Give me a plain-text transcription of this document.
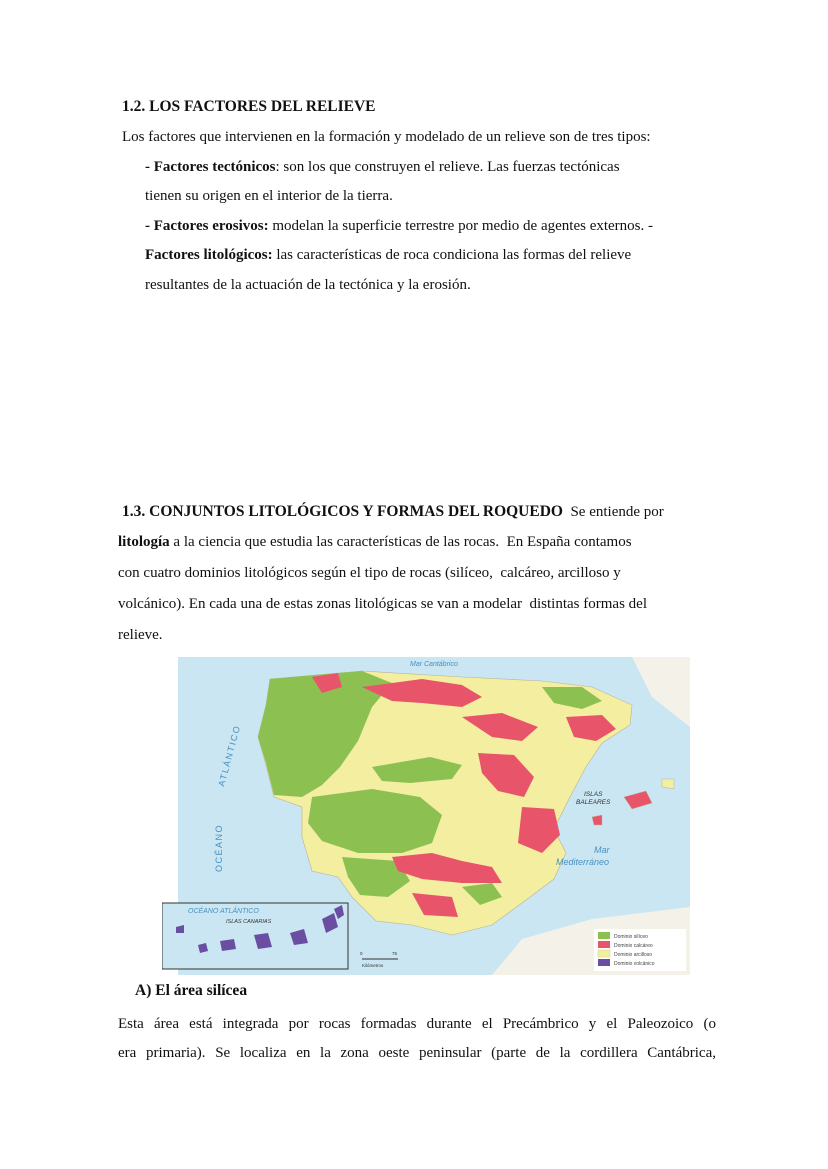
1.2. LOS FACTORES DEL RELIEVE
Los factores que intervienen en la formación y modelado de un relieve son de tres tipos:
- Factores tectónicos: son los que construyen el relieve. Las fuerzas tectónicas
tienen su origen en el interior de la tierra.
- Factores erosivos: modelan la superficie terrestre por medio de agentes externos. -
Factores litológicos: las características de roca condiciona las formas del relieve
resultantes de la actuación de la tectónica y la erosión.
1.3. CONJUNTOS LITOLÓGICOS Y FORMAS DEL ROQUEDO  Se entiende por
litología a la ciencia que estudia las características de las rocas.  En España contamos
con cuatro dominios litológicos según el tipo de rocas (silíceo,  calcáreo, arcilloso y
volcánico). En cada una de estas zonas litológicas se van a modelar  distintas formas del
relieve.
Mar Cantábrico
ATLÁNTICO
OCÉANO
ISLAS
BALEARES
Mar
Mediterráneo
OCÉANO ATLÁNTICO
ISLAS CANARIAS
0	75
Kilómetros
Dominio silíceo
Dominio calcáreo
Dominio arcilloso
Dominio volcánico
A) El área silícea
Esta área está integrada por rocas formadas durante el Precámbrico y el Paleozoico (o
era primaria). Se localiza en la zona oeste peninsular (parte de la cordillera Cantábrica,
